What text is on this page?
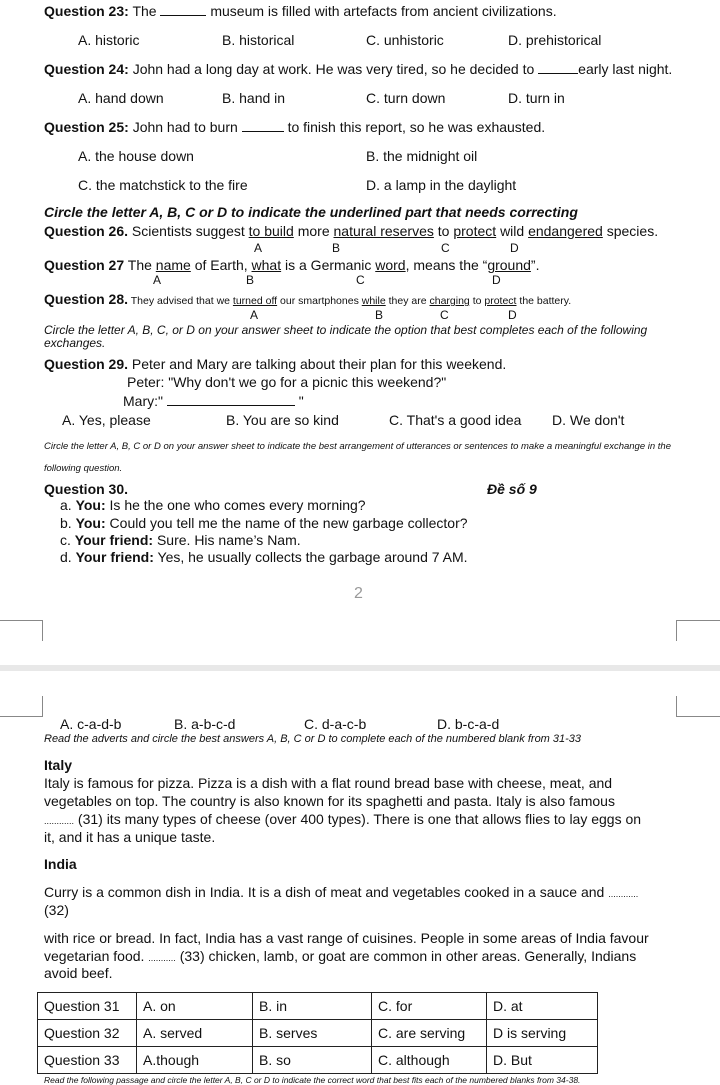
Question 23: The	museum is filled with artefacts from ancient civilizations.
A. historic	B. historical	C. unhistoric	D. prehistorical
Question 24: John had a long day at work. He was very tired, so he decided to	early last night.
A. hand down	B. hand in	C. turn down	D. turn in
Question 25: John had to burn	to finish this report, so he was exhausted.
A. the house down	B. the midnight oil
C. the matchstick to the fire	D. a lamp in the daylight
Circle the letter A, B, C or D to indicate the underlined part that needs correcting
Question 26. Scientists suggest to build more natural reserves to protect wild endangered species.
A	B	C	D
Question 27 The name of Earth, what is a Germanic word, means the “ground”.
A	B	C	D
Question 28. They advised that we turned off our smartphones while they are charging to protect the battery.
A	B	C	D
Circle the letter A, B, C, or D on your answer sheet to indicate the option that best completes each of the following exchanges.
Question 29. Peter and Mary are talking about their plan for this weekend.
Peter: "Why don't we go for a picnic this weekend?"
Mary:"	"
A. Yes, please	B. You are so kind	C. That's a good idea D. We don't
Circle the letter A, B, C or D on your answer sheet to indicate the best arrangement of utterances or sentences to make a meaningful exchange in the following question.
Question 30.	Đề số 9
a. You: Is he the one who comes every morning?
b. You: Could you tell me the name of the new garbage collector?
c. Your friend: Sure. His name’s Nam.
d. Your friend: Yes, he usually collects the garbage around 7 AM.
2
A. c-a-d-b	B. a-b-c-d	C. d-a-c-b	D. b-c-a-d
Read the adverts and circle the best answers A, B, C or D to complete each of the numbered blank from 31-33
Italy
Italy is famous for pizza. Pizza is a dish with a flat round bread base with cheese, meat, and
vegetables on top. The country is also known for its spaghetti and pasta. Italy is also famous
............ (31) its many types of cheese (over 400 types). There is one that allows flies to lay eggs on
it, and it has a unique taste.
India
Curry is a common dish in India. It is a dish of meat and vegetables cooked in a sauce and ............
(32)
with rice or bread. In fact, India has a vast range of cuisines. People in some areas of India favour
vegetarian food. ........... (33) chicken, lamb, or goat are common in other areas. Generally, Indians
avoid beef.
Question 31	A. on	B. in	C. for	D. at
Question 32	A. served	B. serves	C. are serving	D is serving
Question 33	A.though	B. so	C. although	D. But
Read the following passage and circle the letter A, B, C or D to indicate the correct word that best fits each of the numbered blanks from 34-38.
